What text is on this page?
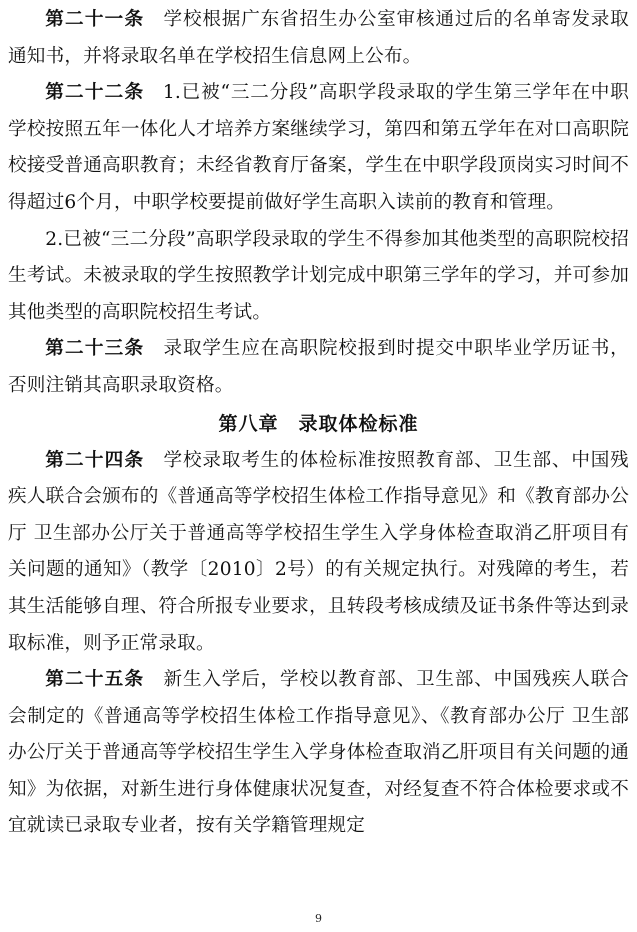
第二十一条 学校根据广东省招生办公室审核通过后的名单寄发录取通知书，并将录取名单在学校招生信息网上公布。

第二十二条 1.已被“三二分段”高职学段录取的学生第三学年在中职学校按照五年一体化人才培养方案继续学习，第四和第五学年在对口高职院校接受普通高职教育；未经省教育厅备案，学生在中职学段顶岗实习时间不得超过6个月，中职学校要提前做好学生高职入读前的教育和管理。

2.已被“三二分段”高职学段录取的学生不得参加其他类型的高职院校招生考试。未被录取的学生按照教学计划完成中职第三学年的学习，并可参加其他类型的高职院校招生考试。

第二十三条 录取学生应在高职院校报到时提交中职毕业学历证书，否则注销其高职录取资格。

第八章　录取体检标准

第二十四条 学校录取考生的体检标准按照教育部、卫生部、中国残疾人联合会颁布的《普通高等学校招生体检工作指导意见》和《教育部办公厅 卫生部办公厅关于普通高等学校招生学生入学身体检查取消乙肝项目有关问题的通知》（教学〔2010〕2号）的有关规定执行。对残障的考生，若其生活能够自理、符合所报专业要求，且转段考核成绩及证书条件等达到录取标准，则予正常录取。

第二十五条 新生入学后，学校以教育部、卫生部、中国残疾人联合会制定的《普通高等学校招生体检工作指导意见》、《教育部办公厅 卫生部办公厅关于普通高等学校招生学生入学身体检查取消乙肝项目有关问题的通知》为依据，对新生进行身体健康状况复查，对经复查不符合体检要求或不宜就读已录取专业者，按有关学籍管理规定

9
